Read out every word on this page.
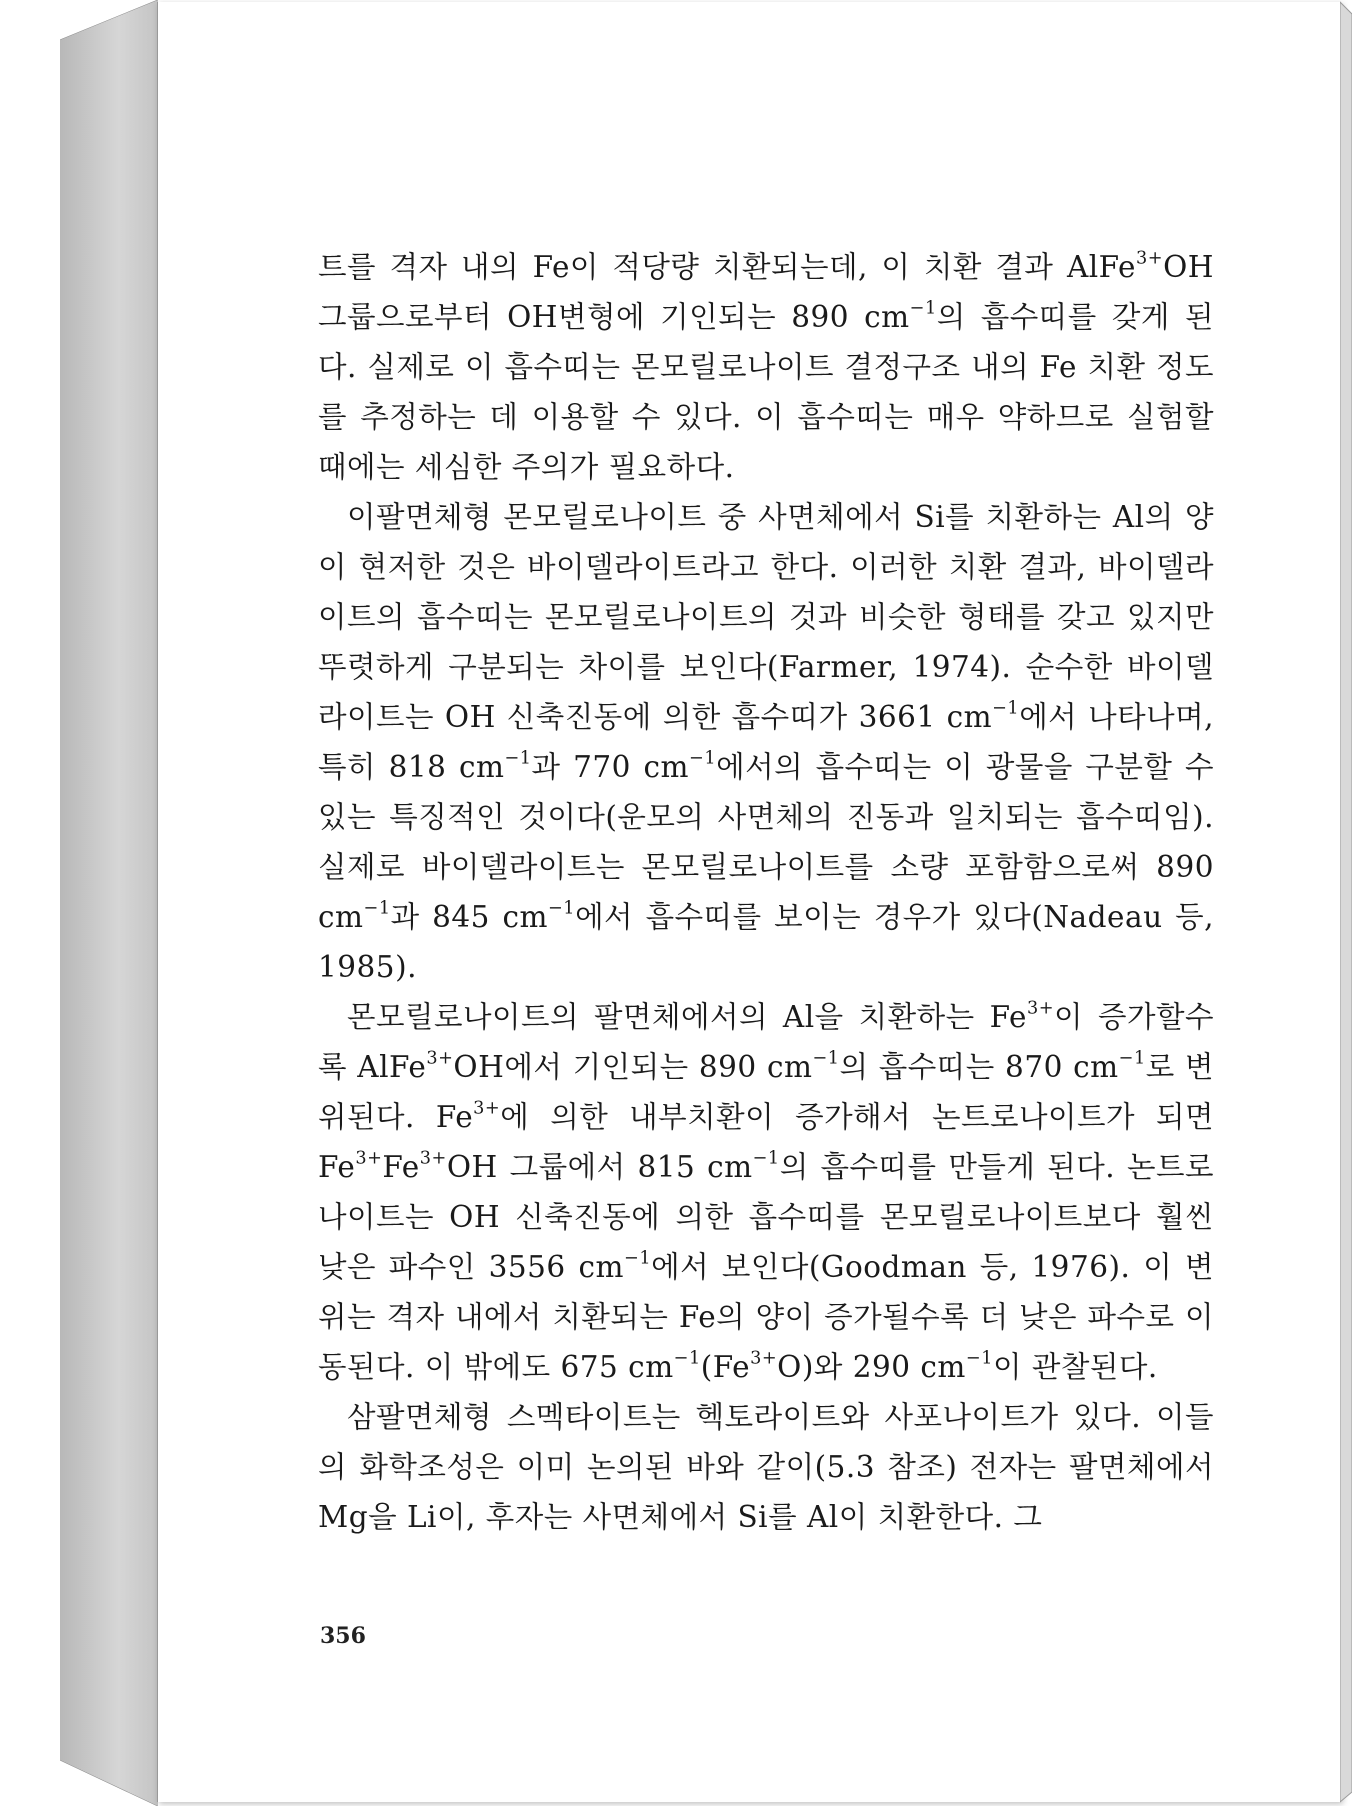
트를 격자 내의 Fe이 적당량 치환되는데, 이 치환 결과 AlFe$^{3+}$OH 그룹으로부터 OH변형에 기인되는 890 $cm^{-1}$의 흡수띠를 갖게 된다. 실제로 이 흡수띠는 몬모릴로나이트 결정구조 내의 Fe 치환 정도를 추정하는 데 이용할 수 있다. 이 흡수띠는 매우 약하므로 실험할 때에는 세심한 주의가 필요하다.

이팔면체형 몬모릴로나이트 중 사면체에서 Si를 치환하는 Al의 양이 현저한 것은 바이델라이트라고 한다. 이러한 치환 결과, 바이델라이트의 흡수띠는 몬모릴로나이트의 것과 비슷한 형태를 갖고 있지만 뚜렷하게 구분되는 차이를 보인다(Farmer, 1974). 순수한 바이델라이트는 OH 신축진동에 의한 흡수띠가 3661 $cm^{-1}$에서 나타나며, 특히 818 $cm^{-1}$과 770 $cm^{-1}$에서의 흡수띠는 이 광물을 구분할 수 있는 특징적인 것이다(운모의 사면체의 진동과 일치되는 흡수띠임). 실제로 바이델라이트는 몬모릴로나이트를 소량 포함함으로써 890 $cm^{-1}$과 845 $cm^{-1}$에서 흡수띠를 보이는 경우가 있다(Nadeau 등, 1985).

몬모릴로나이트의 팔면체에서의 Al을 치환하는 $Fe^{3+}$이 증가할수록 AlFe$^{3+}$OH에서 기인되는 890 $cm^{-1}$의 흡수띠는 870 $cm^{-1}$로 변위된다. $Fe^{3+}$에 의한 내부치환이 증가해서 논트로나이트가 되면 $Fe^{3+}Fe^{3+}OH$ 그룹에서 815 $cm^{-1}$의 흡수띠를 만들게 된다. 논트로나이트는 OH 신축진동에 의한 흡수띠를 몬모릴로나이트보다 훨씬 낮은 파수인 3556 $cm^{-1}$에서 보인다(Goodman 등, 1976). 이 변위는 격자 내에서 치환되는 Fe의 양이 증가될수록 더 낮은 파수로 이동된다. 이 밖에도 675 $cm^{-1}(Fe^{3+}O)$와 290 $cm^{-1}$이 관찰된다.

삼팔면체형 스멕타이트는 헥토라이트와 사포나이트가 있다. 이들의 화학조성은 이미 논의된 바와 같이(5.3 참조) 전자는 팔면체에서 Mg을 Li이, 후자는 사면체에서 Si를 Al이 치환한다. 그

356
